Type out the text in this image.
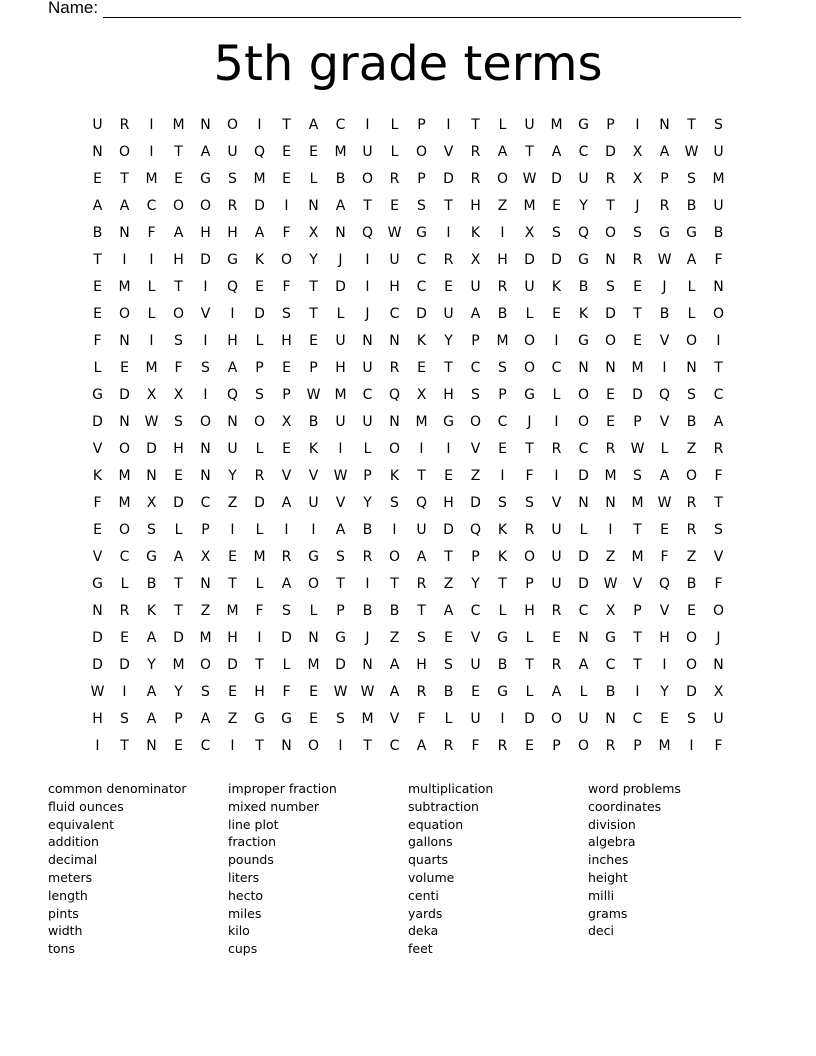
Name:
5th grade terms
U	R	I	M	N	O	I	T	A	C	I	L	P	I	T	L	U	M	G	P	I	N	T	S
N	O	I	T	A	U	Q	E	E	M	U	L	O	V	R	A	T	A	C	D	X	A	W	U
E	T	M	E	G	S	M	E	L	B	O	R	P	D	R	O	W	D	U	R	X	P	S	M
A	A	C	O	O	R	D	I	N	A	T	E	S	T	H	Z	M	E	Y	T	J	R	B	U
B	N	F	A	H	H	A	F	X	N	Q	W	G	I	K	I	X	S	Q	O	S	G	G	B
T	I	I	H	D	G	K	O	Y	J	I	U	C	R	X	H	D	D	G	N	R	W	A	F
E	M	L	T	I	Q	E	F	T	D	I	H	C	E	U	R	U	K	B	S	E	J	L	N
E	O	L	O	V	I	D	S	T	L	J	C	D	U	A	B	L	E	K	D	T	B	L	O
F	N	I	S	I	H	L	H	E	U	N	N	K	Y	P	M	O	I	G	O	E	V	O	I
L	E	M	F	S	A	P	E	P	H	U	R	E	T	C	S	O	C	N	N	M	I	N	T
G	D	X	X	I	Q	S	P	W	M	C	Q	X	H	S	P	G	L	O	E	D	Q	S	C
D	N	W	S	O	N	O	X	B	U	U	N	M	G	O	C	J	I	O	E	P	V	B	A
V	O	D	H	N	U	L	E	K	I	L	O	I	I	V	E	T	R	C	R	W	L	Z	R
K	M	N	E	N	Y	R	V	V	W	P	K	T	E	Z	I	F	I	D	M	S	A	O	F
F	M	X	D	C	Z	D	A	U	V	Y	S	Q	H	D	S	S	V	N	N	M	W	R	T
E	O	S	L	P	I	L	I	I	A	B	I	U	D	Q	K	R	U	L	I	T	E	R	S
V	C	G	A	X	E	M	R	G	S	R	O	A	T	P	K	O	U	D	Z	M	F	Z	V
G	L	B	T	N	T	L	A	O	T	I	T	R	Z	Y	T	P	U	D	W	V	Q	B	F
N	R	K	T	Z	M	F	S	L	P	B	B	T	A	C	L	H	R	C	X	P	V	E	O
D	E	A	D	M	H	I	D	N	G	J	Z	S	E	V	G	L	E	N	G	T	H	O	J
D	D	Y	M	O	D	T	L	M	D	N	A	H	S	U	B	T	R	A	C	T	I	O	N
W	I	A	Y	S	E	H	F	E	W W	A	R	B	E	G	L	A	L	B	I	Y	D	X
H	S	A	P	A	Z	G	G	E	S	M	V	F	L	U	I	D	O	U	N	C	E	S	U
I	T	N	E	C	I	T	N	O	I	T	C	A	R	F	R	E	P	O	R	P	M	I	F
common denominator
fluid ounces
equivalent
addition
decimal
meters
length
pints
width
tons
improper fraction
mixed number
line plot
fraction
pounds
liters
hecto
miles
kilo
cups
multiplication
subtraction
equation
gallons
quarts
volume
centi
yards
deka
feet
word problems
coordinates
division
algebra
inches
height
milli
grams
deci
